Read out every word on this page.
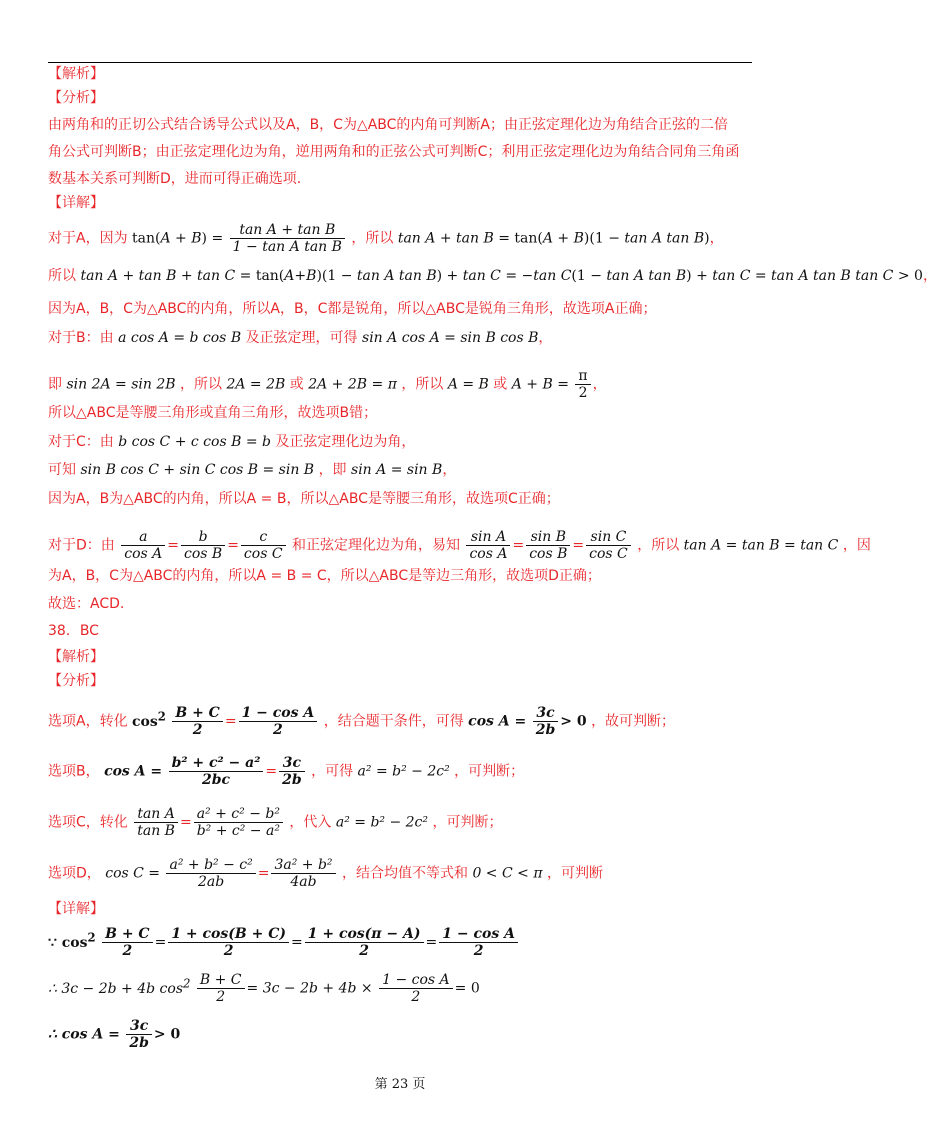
【解析】
【分析】
由两角和的正切公式结合诱导公式以及A，B，C为△ABC的内角可判断A；由正弦定理化边为角结合正弦的二倍
角公式可判断B；由正弦定理化边为角，逆用两角和的正弦公式可判断C；利用正弦定理化边为角结合同角三角函
数基本关系可判断D，进而可得正确选项.
【详解】
对于A，因为 $\tan(A + B) = \frac{\text{tan A + tan B}}{\text{1 − tan A tan B}}$ ，所以 tan A + tan B = tan(A + B)(1 − tan A tan B)，
所以 tan A + tan B + tan C = tan(A+B)(1 − tan A tan B) + tan C = −tan C(1 − tan A tan B) + tan C = tan A tan B tan C > 0，
因为A，B，C为△ABC的内角，所以A，B，C都是锐角，所以△ABC是锐角三角形，故选项A正确；
对于B：由 a cos A = b cos B 及正弦定理，可得 sin A cos A = sin B cos B，
即 sin 2A = sin 2B ，所以 2A = 2B 或 2A + 2B = π ，所以 A = B 或 $A + B = \frac{\pi}{2}$ ，
所以△ABC是等腰三角形或直角三角形，故选项B错；
对于C：由 b cos C + c cos B = b 及正弦定理化边为角，
可知 sin B cos C + sin C cos B = sin B ，即 sin A = sin B，
因为A，B为△ABC的内角，所以A = B，所以△ABC是等腰三角形，故选项C正确；
对于D：由 $\frac{a}{\text{cos A}} = \frac{b}{\text{cos B}} = \frac{c}{\text{cos C}}$ 和正弦定理化边为角，易知 $\frac{\text{sin A}}{\text{cos A}} = \frac{\text{sin B}}{\text{cos B}} = \frac{\text{sin C}}{\text{cos C}}$ ，所以 tan A = tan B = tan C ，因
为A，B，C为△ABC的内角，所以A = B = C，所以△ABC是等边三角形，故选项D正确；
故选：ACD.
38．BC
【解析】
【分析】
选项A，转化 $\cos^2 \frac{B + C}{2} = \frac{\text{1 − cos A}}{2}$ ，结合题干条件，可得 $\cos A = \frac{3c}{2b} > 0$ ，故可判断；
选项B， $\cos A = \frac{\text{b² + c² − a²}}{2bc} = \frac{3c}{2b}$ ，可得 a² = b² − 2c² ，可判断；
选项C，转化 $\frac{\text{tan A}}{\text{tan B}} = \frac{\text{a² + c² − b²}}{\text{b² + c² − a²}}$ ，代入 a² = b² − 2c² ，可判断；
选项D， $\cos C = \frac{\text{a² + b² − c²}}{2ab} = \frac{\text{3a² + b²}}{4ab}$ ，结合均值不等式和 0 < C < π ，可判断
【详解】
∵ $\cos^2 \frac{B + C}{2} = \frac{1 + \cos(B + C)}{2} = \frac{1 + \cos(\pi - A)}{2} = \frac{\text{1 − cos A}}{2}$
∴ 3c − 2b + 4b $\cos^2 \frac{B + C}{2} = 3c - 2b + 4b \times \frac{\text{1 − cos A}}{2} = 0$
∴ $\cos A = \frac{3c}{2b} > 0$
第 23 页
